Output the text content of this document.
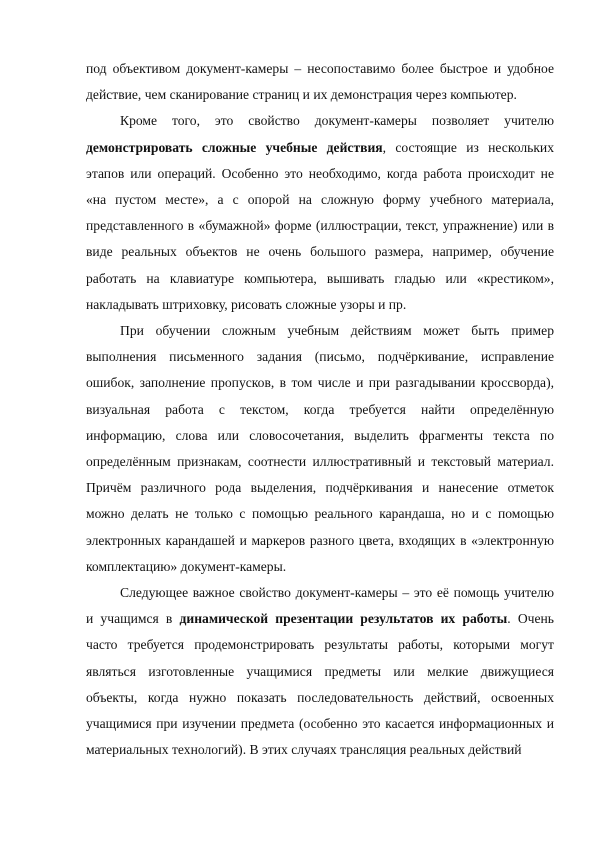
под объективом документ-камеры – несопоставимо более быстрое и удобное действие, чем сканирование страниц и их демонстрация через компьютер.

Кроме того, это свойство документ-камеры позволяет учителю демонстрировать сложные учебные действия, состоящие из нескольких этапов или операций. Особенно это необходимо, когда работа происходит не «на пустом месте», а с опорой на сложную форму учебного материала, представленного в «бумажной» форме (иллюстрации, текст, упражнение) или в виде реальных объектов не очень большого размера, например, обучение работать на клавиатуре компьютера, вышивать гладью или «крестиком», накладывать штриховку, рисовать сложные узоры и пр.

При обучении сложным учебным действиям может быть пример выполнения письменного задания (письмо, подчёркивание, исправление ошибок, заполнение пропусков, в том числе и при разгадывании кроссворда), визуальная работа с текстом, когда требуется найти определённую информацию, слова или словосочетания, выделить фрагменты текста по определённым признакам, соотнести иллюстративный и текстовый материал. Причём различного рода выделения, подчёркивания и нанесение отметок можно делать не только с помощью реального карандаша, но и с помощью электронных карандашей и маркеров разного цвета, входящих в «электронную комплектацию» документ-камеры.

Следующее важное свойство документ-камеры – это её помощь учителю и учащимся в динамической презентации результатов их работы. Очень часто требуется продемонстрировать результаты работы, которыми могут являться изготовленные учащимися предметы или мелкие движущиеся объекты, когда нужно показать последовательность действий, освоенных учащимися при изучении предмета (особенно это касается информационных и материальных технологий). В этих случаях трансляция реальных действий
